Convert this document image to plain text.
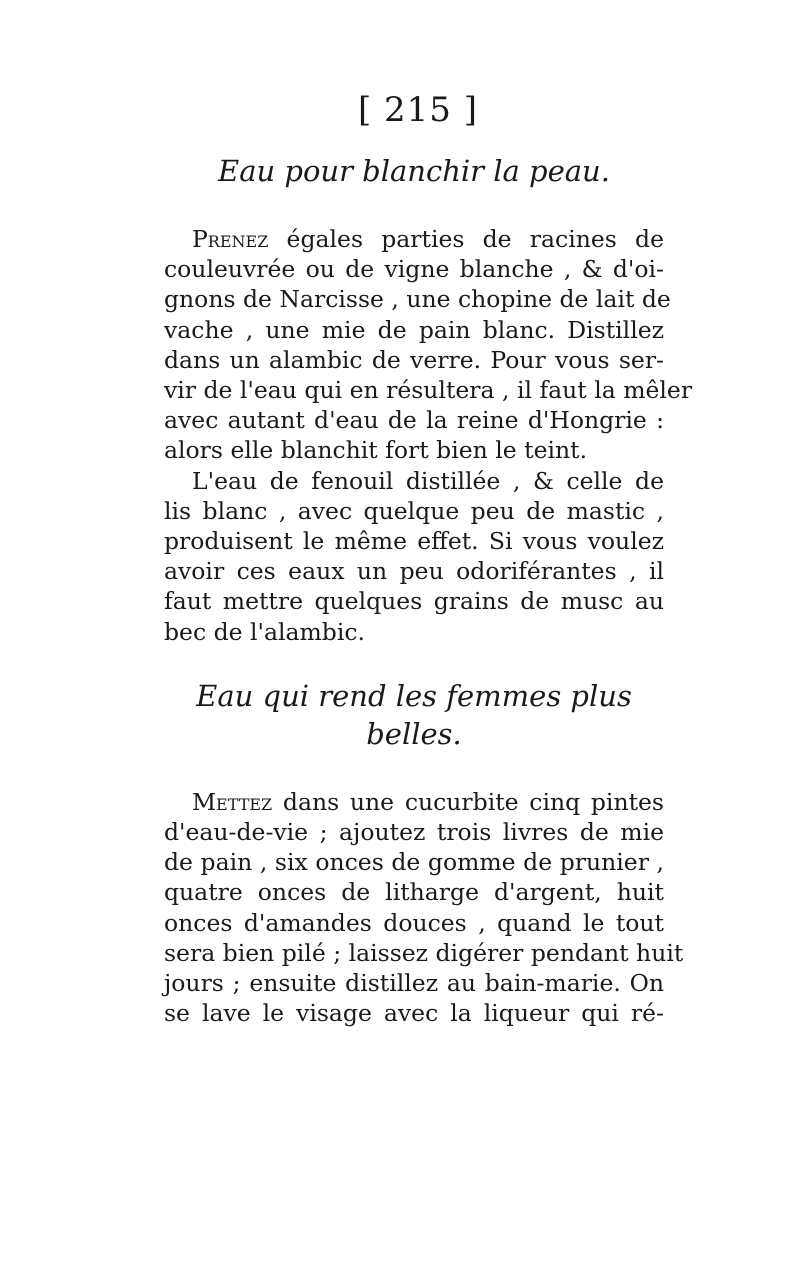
[ 215 ]
Eau pour blanchir la peau.

Prenez égales parties de racines de
couleuvrée ou de vigne blanche , & d'oi-
gnons de Narcisse , une chopine de lait de
vache , une mie de pain blanc. Distillez
dans un alambic de verre. Pour vous ser-
vir de l'eau qui en résultera , il faut la mêler
avec autant d'eau de la reine d'Hongrie :
alors elle blanchit fort bien le teint.

L'eau de fenouil distillée , & celle de
lis blanc , avec quelque peu de mastic ,
produisent le même effet. Si vous voulez
avoir ces eaux un peu odoriférantes , il
faut mettre quelques grains de musc au
bec de l'alambic.

Eau qui rend les femmes plus
belles.

Mettez dans une cucurbite cinq pintes
d'eau-de-vie ; ajoutez trois livres de mie
de pain , six onces de gomme de prunier ,
quatre onces de litharge d'argent, huit
onces d'amandes douces , quand le tout
sera bien pilé ; laissez digérer pendant huit
jours ; ensuite distillez au bain-marie. On
se lave le visage avec la liqueur qui ré-
